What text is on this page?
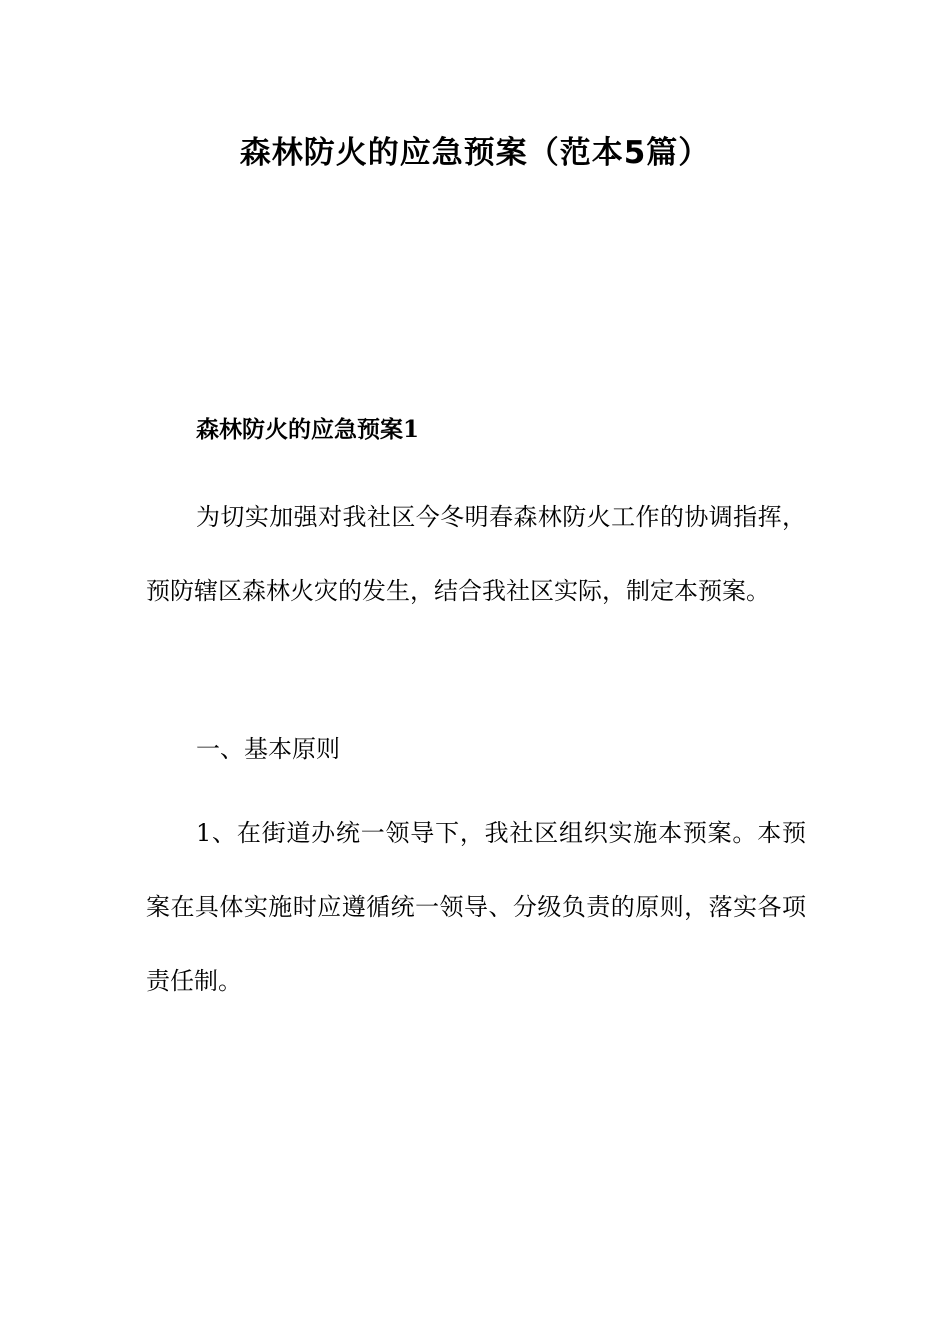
森林防火的应急预案（范本5篇）
森林防火的应急预案1

为切实加强对我社区今冬明春森林防火工作的协调指挥，预防辖区森林火灾的发生，结合我社区实际，制定本预案。

一、基本原则

1、在街道办统一领导下，我社区组织实施本预案。本预案在具体实施时应遵循统一领导、分级负责的原则，落实各项责任制。
